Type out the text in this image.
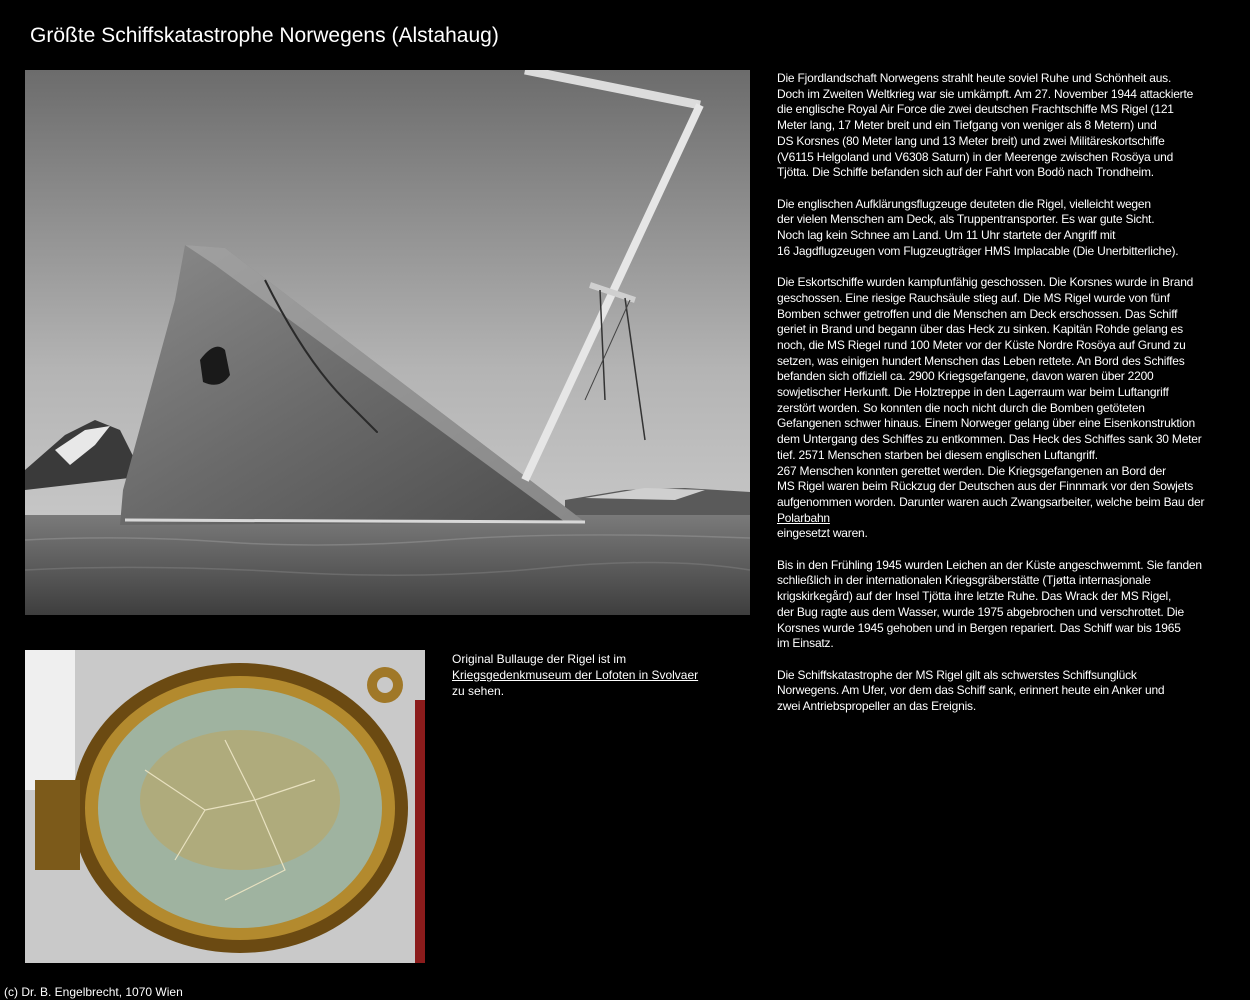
Größte Schiffskatastrophe Norwegens (Alstahaug)
Original Bullauge der Rigel ist im
Kriegsgedenkmuseum der Lofoten in Svolvaer
zu sehen.
Die Fjordlandschaft Norwegens strahlt heute soviel Ruhe und Schönheit aus.
Doch im Zweiten Weltkrieg war sie umkämpft. Am 27. November 1944 attackierte
die englische Royal Air Force die zwei deutschen Frachtschiffe MS Rigel (121
Meter lang, 17 Meter breit und ein Tiefgang von weniger als 8 Metern) und
DS Korsnes (80 Meter lang und 13 Meter breit) und zwei Militäreskortschiffe
(V6115 Helgoland und V6308 Saturn) in der Meerenge zwischen Rosöya und
Tjötta. Die Schiffe befanden sich auf der Fahrt von Bodö nach Trondheim.
Die englischen Aufklärungsflugzeuge deuteten die Rigel, vielleicht wegen
der vielen Menschen am Deck, als Truppentransporter. Es war gute Sicht.
Noch lag kein Schnee am Land. Um 11 Uhr startete der Angriff mit
16 Jagdflugzeugen vom Flugzeugträger HMS Implacable (Die Unerbitterliche).
Die Eskortschiffe wurden kampfunfähig geschossen. Die Korsnes wurde in Brand
geschossen. Eine riesige Rauchsäule stieg auf. Die MS Rigel wurde von fünf
Bomben schwer getroffen und die Menschen am Deck erschossen. Das Schiff
geriet in Brand und begann über das Heck zu sinken. Kapitän Rohde gelang es
noch, die MS Riegel rund 100 Meter vor der Küste Nordre Rosöya auf Grund zu
setzen, was einigen hundert Menschen das Leben rettete. An Bord des Schiffes
befanden sich offiziell ca. 2900 Kriegsgefangene, davon waren über 2200
sowjetischer Herkunft. Die Holztreppe in den Lagerraum war beim Luftangriff
zerstört worden. So konnten die noch nicht durch die Bomben getöteten
Gefangenen schwer hinaus. Einem Norweger gelang über eine Eisenkonstruktion
dem Untergang des Schiffes zu entkommen. Das Heck des Schiffes sank 30 Meter
tief. 2571 Menschen starben bei diesem englischen Luftangriff.
267 Menschen konnten gerettet werden. Die Kriegsgefangenen an Bord der
MS Rigel waren beim Rückzug der Deutschen aus der Finnmark vor den Sowjets
aufgenommen worden. Darunter waren auch Zwangsarbeiter, welche beim Bau der
Polarbahn
eingesetzt waren.
Bis in den Frühling 1945 wurden Leichen an der Küste angeschwemmt. Sie fanden
schließlich in der internationalen Kriegsgräberstätte (Tjøtta internasjonale
krigskirkegård) auf der Insel Tjötta ihre letzte Ruhe. Das Wrack der MS Rigel,
der Bug ragte aus dem Wasser, wurde 1975 abgebrochen und verschrottet. Die
Korsnes wurde 1945 gehoben und in Bergen repariert. Das Schiff war bis 1965
im Einsatz.
Die Schiffskatastrophe der MS Rigel gilt als schwerstes Schiffsunglück
Norwegens. Am Ufer, vor dem das Schiff sank, erinnert heute ein Anker und
zwei Antriebspropeller an das Ereignis.
(c) Dr. B. Engelbrecht, 1070 Wien
